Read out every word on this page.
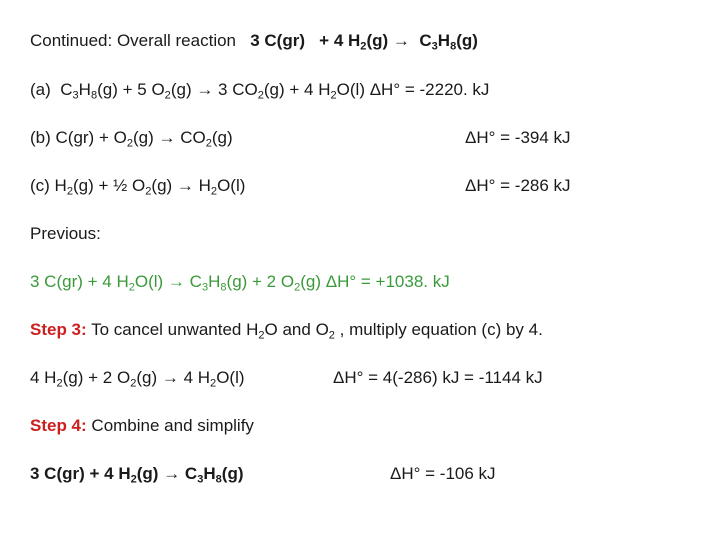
Continued: Overall reaction 3 C(gr) + 4 $H_2(g) \to C_3H_8(g)$
(a) $C_3H_8(g) + 5$ $O_2(g) \to 3$ $CO_2(g) + 4$ $H_2O(l) \Delta H^\circ = -2220$. kJ
(b) $C(gr) + O_2(g) \to CO_2(g)$	ΔH° = -394 kJ
(c) $H_2(g)$ + ½ $O_2(g) \to H_2O(l)$	ΔH° = -286 kJ
Previous:
3 C(gr) + 4 $H_2O(l) \to C_3H_8(g) + 2$ $O_2(g) \Delta H^\circ = +1038$. kJ
Step 3: To cancel unwanted $H_2O$ and $O_2$ , multiply equation (c) by 4.
4 $H_2(g) + 2$ $O_2(g) \to 4$ $H_2O(l)$	ΔH° = 4(-286) kJ = -1144 kJ
Step 4: Combine and simplify
3 C(gr) + 4 $H_2(g) \to C_3H_8(g)$	ΔH° = -106 kJ
